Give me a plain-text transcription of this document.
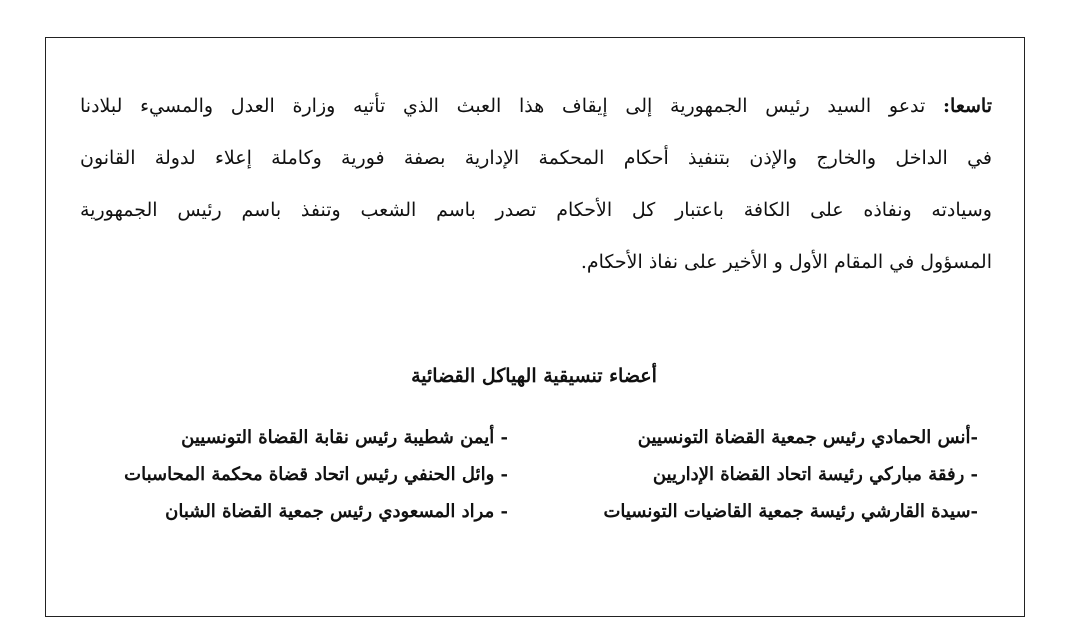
تاسعا: تدعو السيد رئيس الجمهورية إلى إيقاف هذا العبث الذي تأتيه وزارة العدل والمسيء لبلادنا
في الداخل والخارج والإذن بتنفيذ أحكام المحكمة الإدارية بصفة فورية وكاملة إعلاء لدولة القانون
وسيادته ونفاذه على الكافة باعتبار كل الأحكام تصدر باسم الشعب وتنفذ باسم رئيس الجمهورية
المسؤول في المقام الأول و الأخير على نفاذ الأحكام.
أعضاء تنسيقية الهياكل القضائية
-أنس الحمادي رئيس جمعية القضاة التونسيين
- رفقة مباركي رئيسة اتحاد القضاة الإداريين
-سيدة القارشي رئيسة جمعية القاضيات التونسيات
- أيمن شطيبة رئيس نقابة القضاة التونسيين
- وائل الحنفي رئيس اتحاد قضاة محكمة المحاسبات
- مراد المسعودي رئيس جمعية القضاة الشبان
